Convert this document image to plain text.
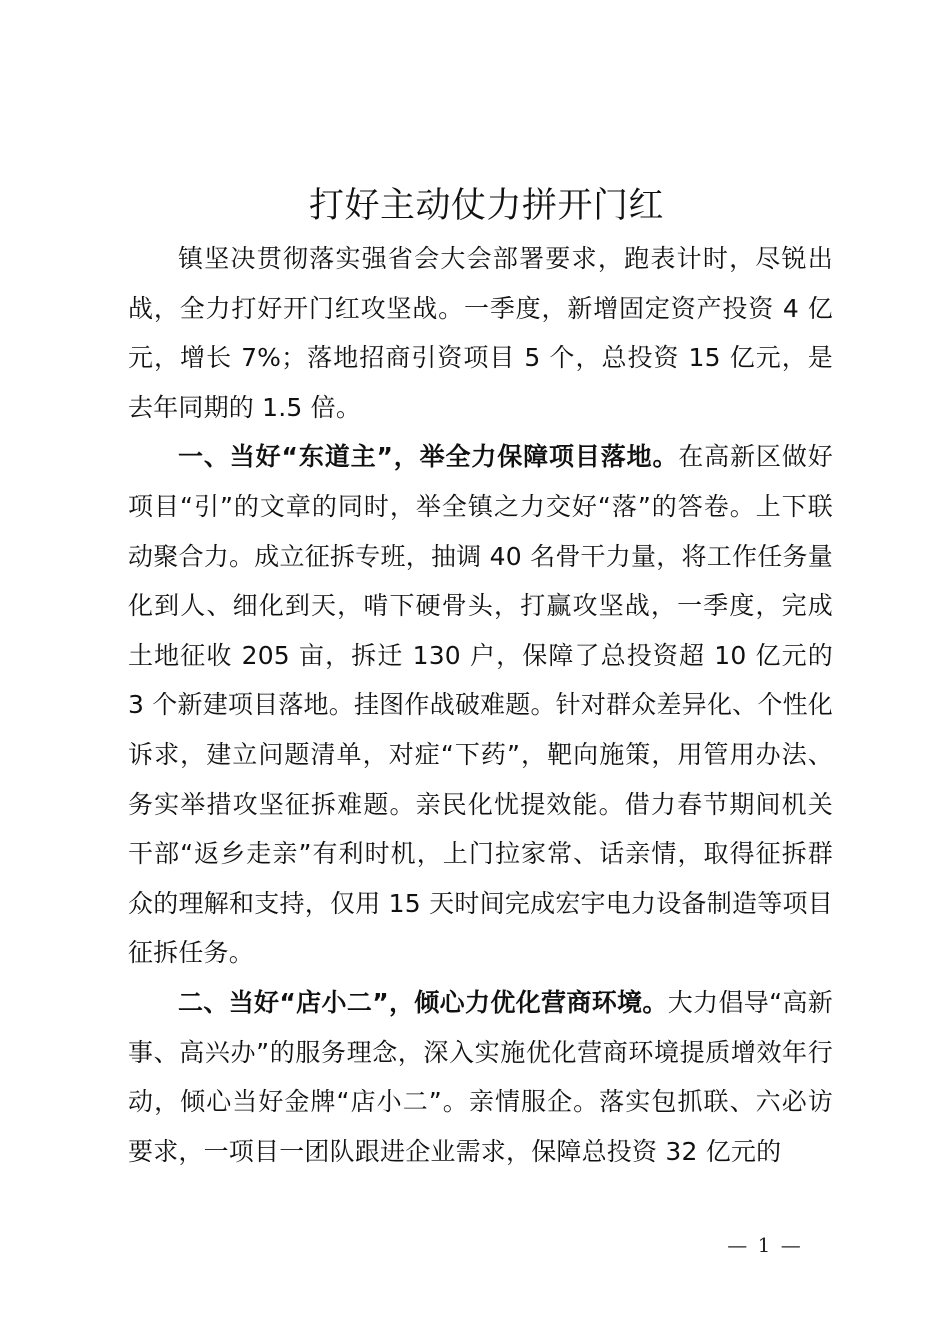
打好主动仗力拼开门红

镇坚决贯彻落实强省会大会部署要求，跑表计时，尽锐出战，全力打好开门红攻坚战。一季度，新增固定资产投资 4 亿元，增长 7%；落地招商引资项目 5 个，总投资 15 亿元，是去年同期的 1.5 倍。

一、当好“东道主”，举全力保障项目落地。在高新区做好项目“引”的文章的同时，举全镇之力交好“落”的答卷。上下联动聚合力。成立征拆专班，抽调 40 名骨干力量，将工作任务量化到人、细化到天，啃下硬骨头，打赢攻坚战，一季度，完成土地征收 205 亩，拆迁 130 户，保障了总投资超 10 亿元的 3 个新建项目落地。挂图作战破难题。针对群众差异化、个性化诉求，建立问题清单，对症“下药”，靶向施策，用管用办法、务实举措攻坚征拆难题。亲民化忧提效能。借力春节期间机关干部“返乡走亲”有利时机，上门拉家常、话亲情，取得征拆群众的理解和支持，仅用 15 天时间完成宏宇电力设备制造等项目征拆任务。

二、当好“店小二”，倾心力优化营商环境。大力倡导“高新事、高兴办”的服务理念，深入实施优化营商环境提质增效年行动，倾心当好金牌“店小二”。亲情服企。落实包抓联、六必访要求，一项目一团队跟进企业需求，保障总投资 32 亿元的

— 1 —
